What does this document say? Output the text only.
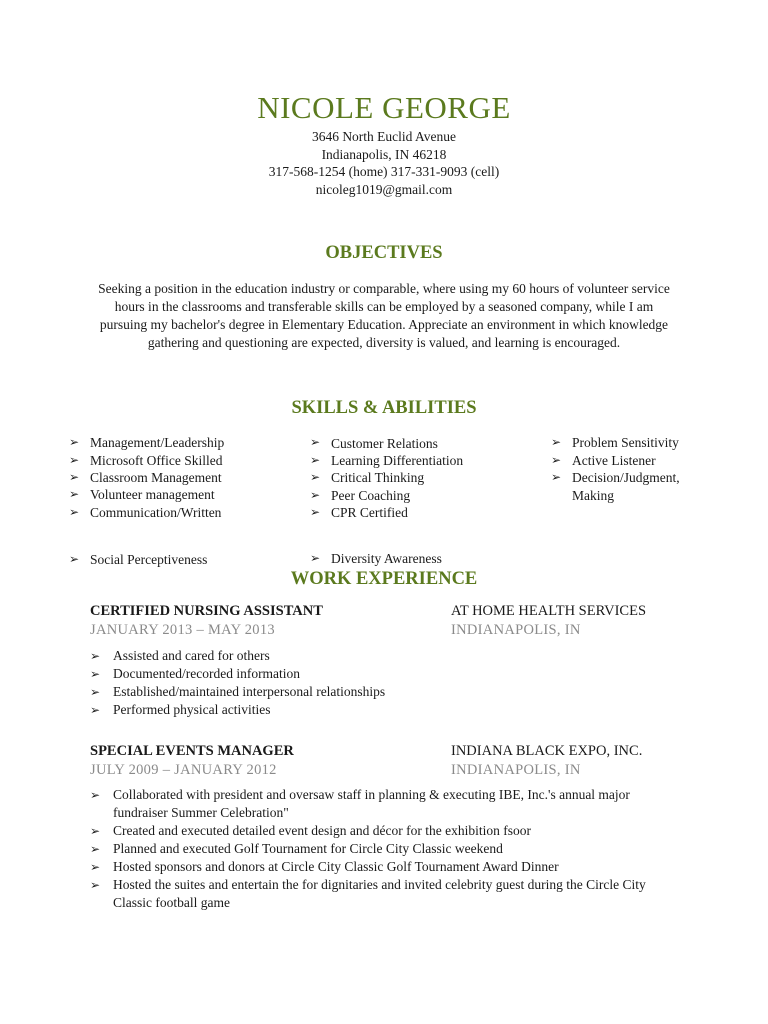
NICOLE GEORGE
3646 North Euclid Avenue
Indianapolis, IN 46218
317-568-1254 (home) 317-331-9093 (cell)
nicoleg1019@gmail.com
OBJECTIVES
Seeking a position in the education industry or comparable, where using my 60 hours of volunteer service hours in the classrooms and transferable skills can be employed by a seasoned company, while I am pursuing my bachelor's degree in Elementary Education. Appreciate an environment in which knowledge gathering and questioning are expected, diversity is valued, and learning is encouraged.
SKILLS & ABILITIES
➢ Management/Leadership
➢ Microsoft Office Skilled
➢ Classroom Management
➢ Volunteer management
➢ Communication/Written
➢ Customer Relations
➢ Learning Differentiation
➢ Critical Thinking
➢ Peer Coaching
➢ CPR Certified
➢ Problem Sensitivity
➢ Active Listener
➢ Decision/Judgment,
Making
➢ Social Perceptiveness	➢ Diversity Awareness
WORK EXPERIENCE
CERTIFIED NURSING ASSISTANT	AT HOME HEALTH SERVICES
JANUARY 2013 – MAY 2013	INDIANAPOLIS, IN
➢ Assisted and cared for others
➢ Documented/recorded information
➢ Established/maintained interpersonal relationships
➢ Performed physical activities
SPECIAL EVENTS MANAGER	INDIANA BLACK EXPO, INC.
JULY 2009 – JANUARY 2012	INDIANAPOLIS, IN
➢ Collaborated with president and oversaw staff in planning & executing IBE, Inc.'s annual major fundraiser Summer Celebration"
➢ Created and executed detailed event design and décor for the exhibition fsoor
➢ Planned and executed Golf Tournament for Circle City Classic weekend
➢ Hosted sponsors and donors at Circle City Classic Golf Tournament Award Dinner
➢ Hosted the suites and entertain the for dignitaries and invited celebrity guest during the Circle City Classic football game
